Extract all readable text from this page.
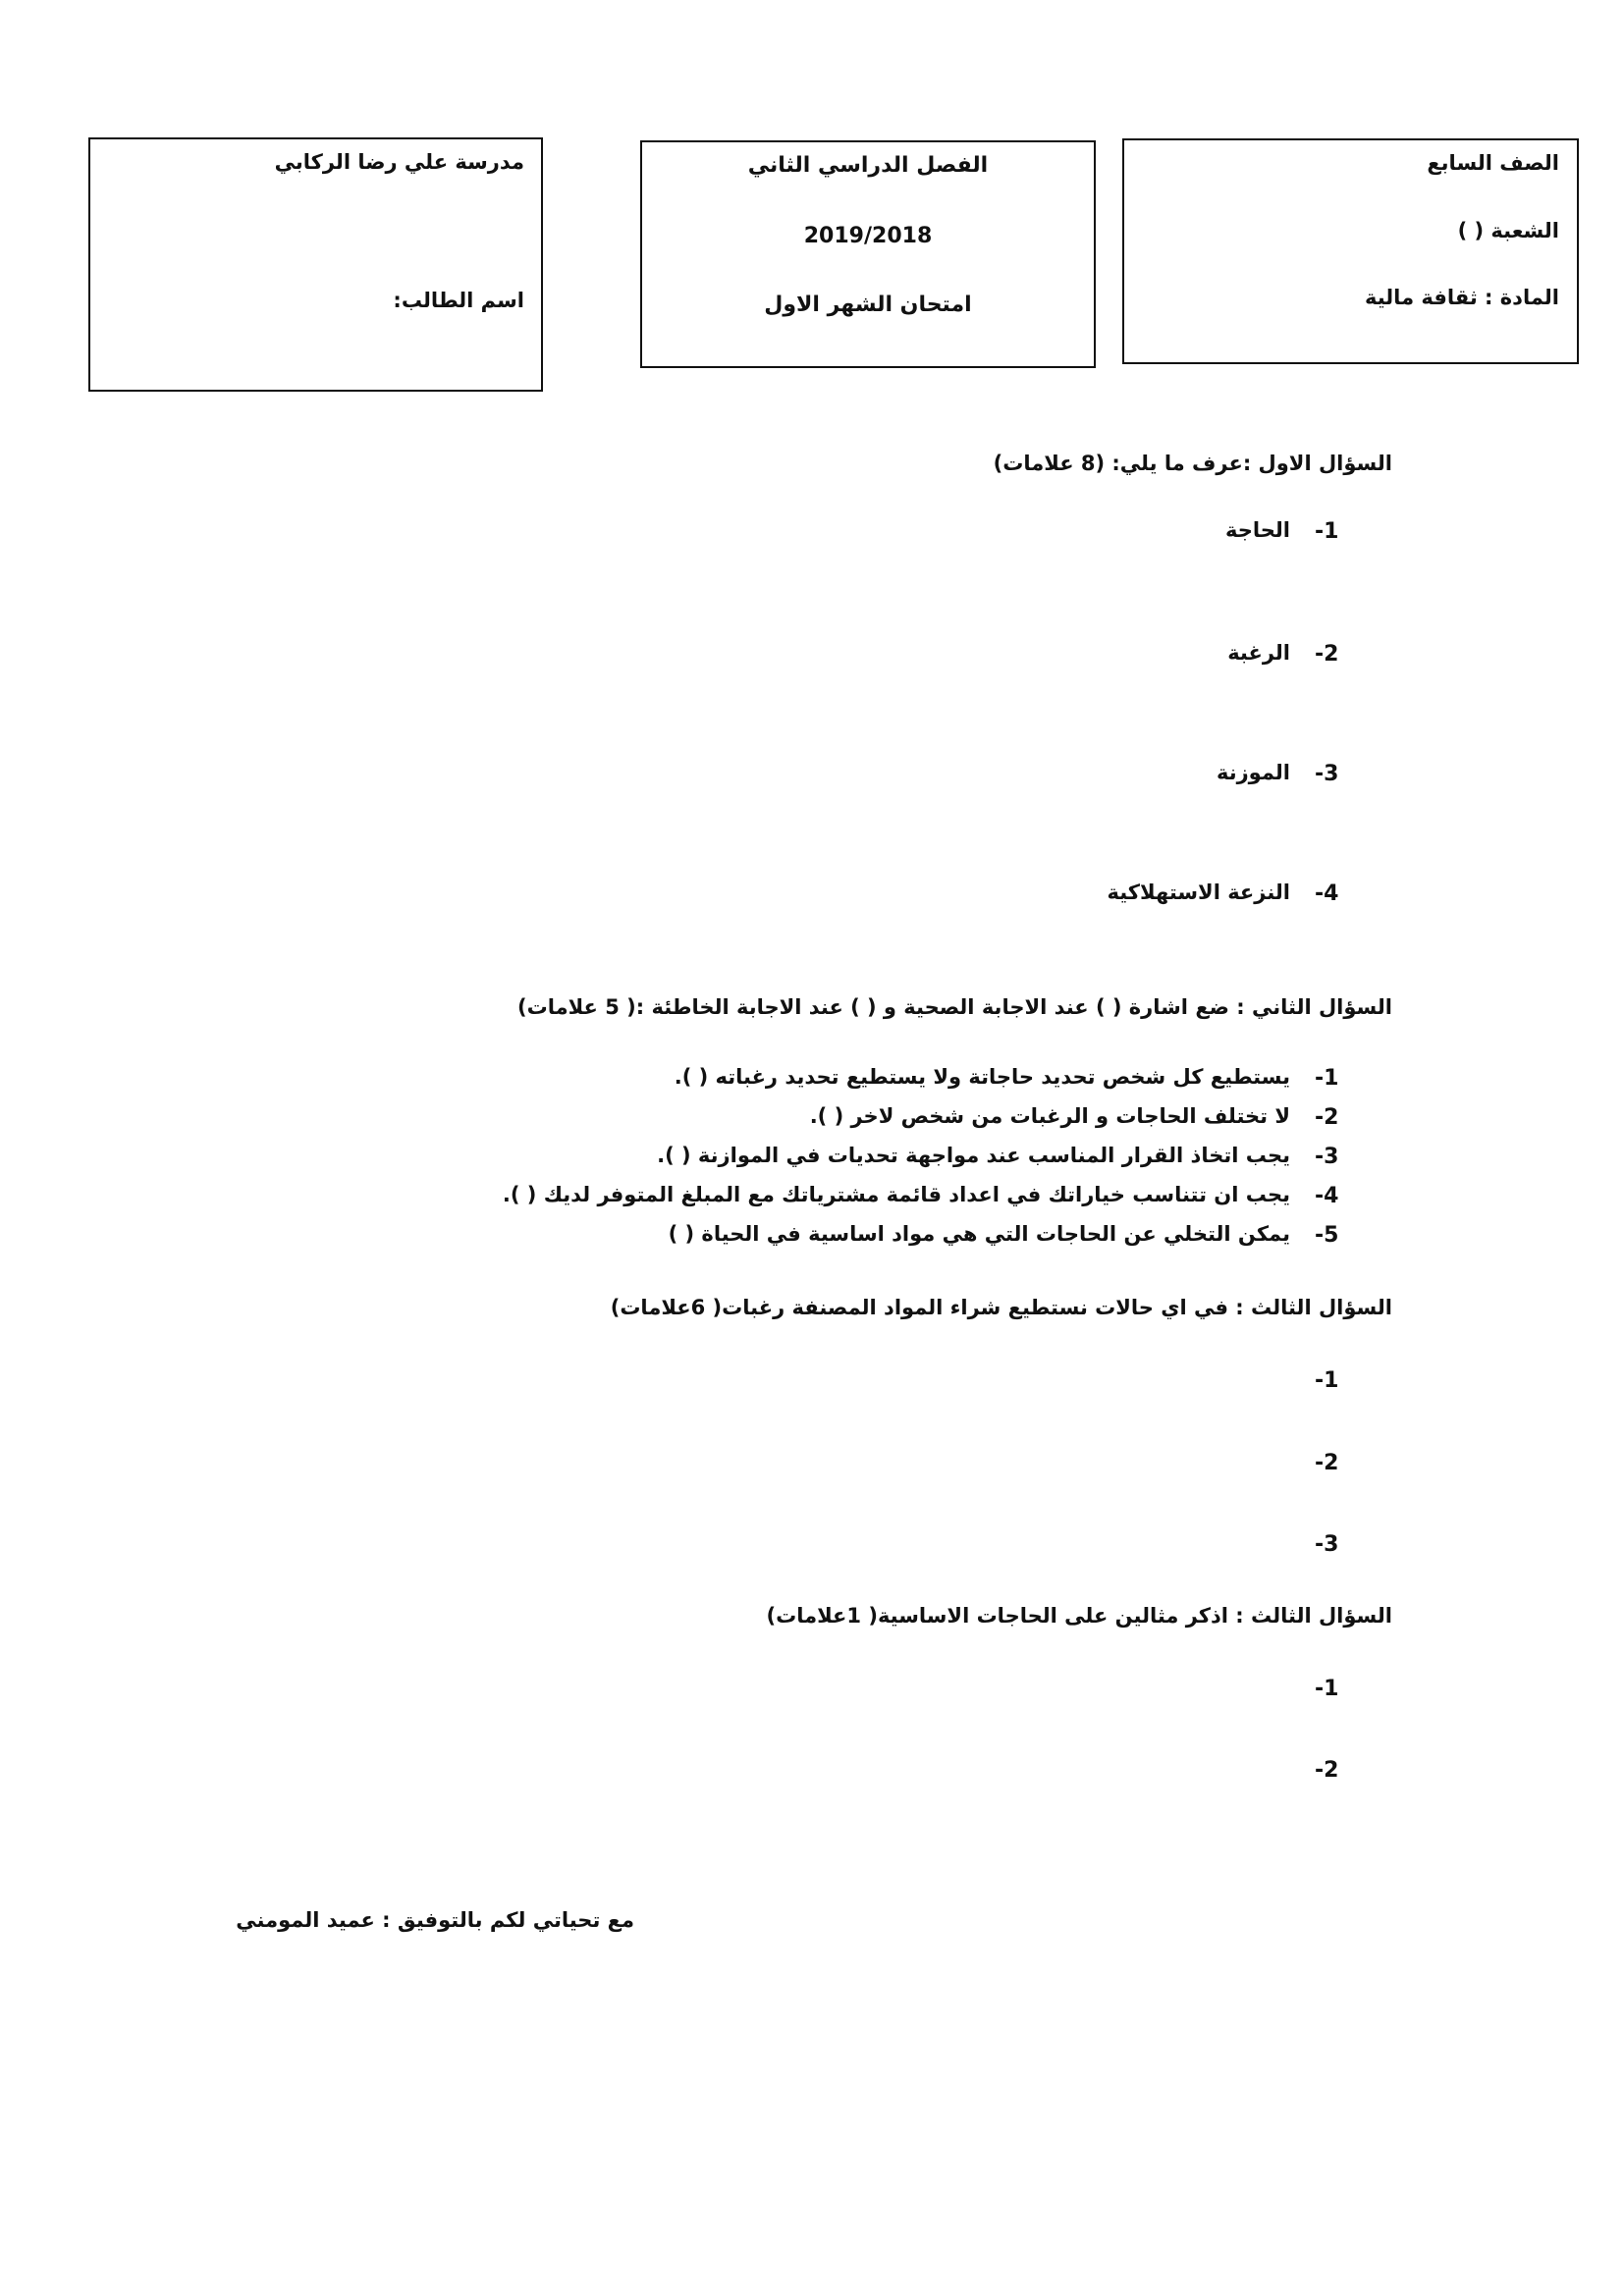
الصف السابع
الشعبة ( )
المادة : ثقافة مالية
الفصل الدراسي الثاني
2019/2018
امتحان الشهر الاول
مدرسة علي رضا الركابي
اسم الطالب:
السؤال الاول :عرف ما يلي: (8 علامات)
-1
الحاجة
-2
الرغبة
-3
الموزنة
-4
النزعة الاستهلاكية
السؤال الثاني : ضع اشارة ( ) عند الاجابة الصحية و ( ) عند الاجابة الخاطئة :( 5 علامات)
-1
يستطيع كل شخص تحديد حاجاتة ولا يستطيع تحديد رغباته ( ).
-2
لا تختلف الحاجات و الرغبات من شخص لاخر ( ).
-3
يجب اتخاذ القرار المناسب عند مواجهة تحديات في الموازنة ( ).
-4
يجب ان تتناسب خياراتك في اعداد قائمة مشترياتك مع المبلغ المتوفر لديك ( ).
-5
يمكن التخلي عن الحاجات التي هي مواد اساسية في الحياة ( )
السؤال الثالث : في اي حالات نستطيع شراء المواد المصنفة رغبات( 6علامات)
-1
-2
-3
السؤال الثالث : اذكر مثالين على الحاجات الاساسية( 1علامات)
-1
-2
مع تحياتي لكم بالتوفيق : عميد المومني
